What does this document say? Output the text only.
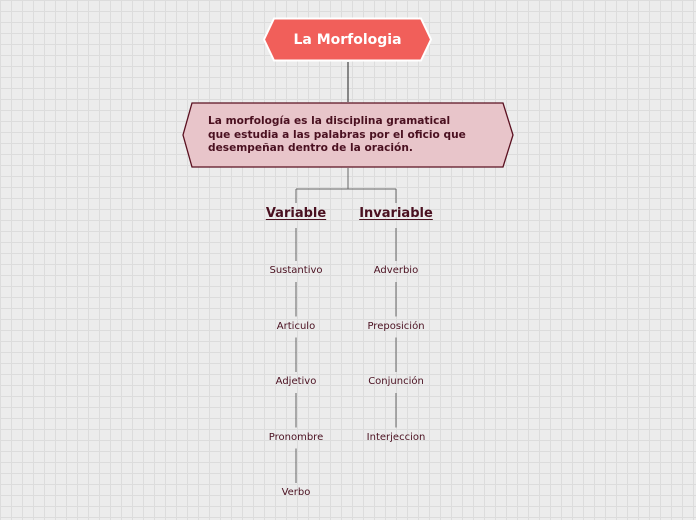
La Morfologia
La morfología es la disciplina gramatical
que estudia a las palabras por el oficio que
desempeñan dentro de la oración.
Variable	Invariable
Sustantivo
Articulo
Adjetivo
Pronombre
Verbo
Adverbio
Preposición
Conjunción
Interjeccion
